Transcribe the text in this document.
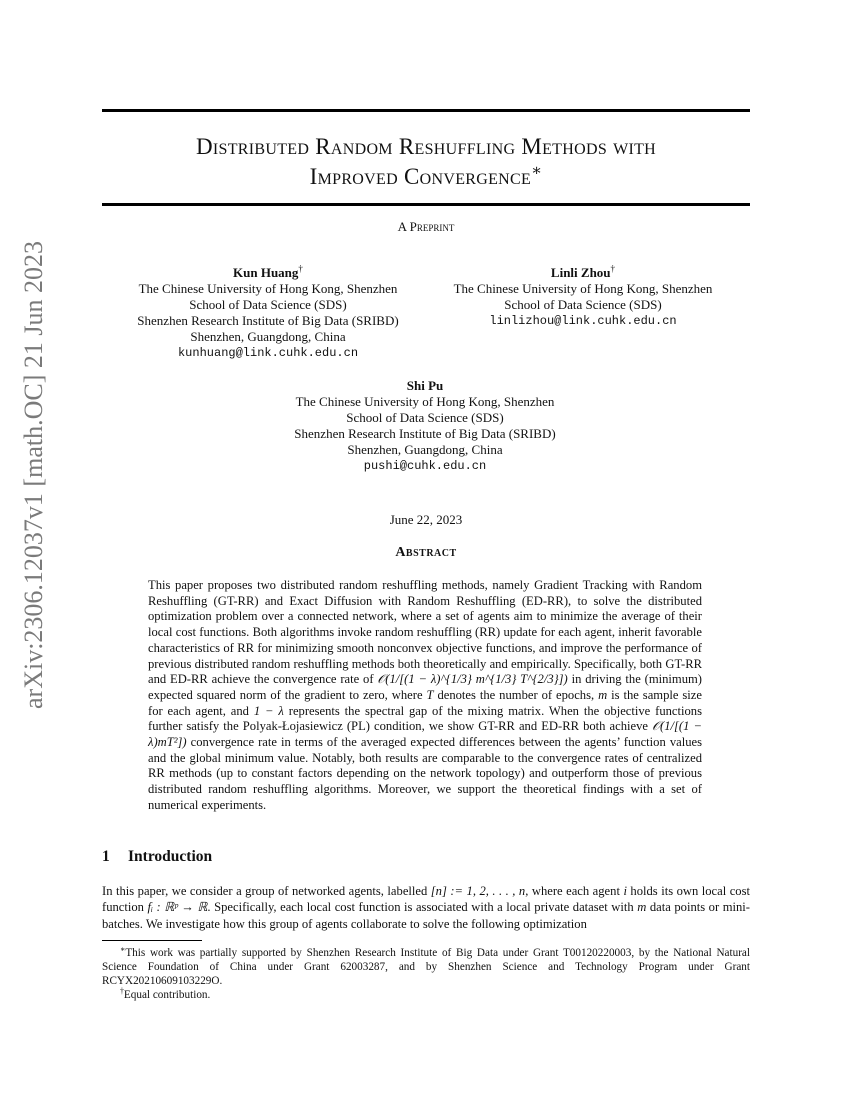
arXiv:2306.12037v1 [math.OC] 21 Jun 2023
Distributed Random Reshuffling Methods with
Improved Convergence∗
A Preprint
Kun Huang†
The Chinese University of Hong Kong, Shenzhen
School of Data Science (SDS)
Shenzhen Research Institute of Big Data (SRIBD)
Shenzhen, Guangdong, China
kunhuang@link.cuhk.edu.cn
Linli Zhou†
The Chinese University of Hong Kong, Shenzhen
School of Data Science (SDS)
linlizhou@link.cuhk.edu.cn
Shi Pu
The Chinese University of Hong Kong, Shenzhen
School of Data Science (SDS)
Shenzhen Research Institute of Big Data (SRIBD)
Shenzhen, Guangdong, China
pushi@cuhk.edu.cn
June 22, 2023
Abstract

This paper proposes two distributed random reshuffling methods, namely Gradient Tracking with Random Reshuffling (GT-RR) and Exact Diffusion with Random Reshuffling (ED-RR), to solve the distributed optimization problem over a connected network, where a set of agents aim to minimize the average of their local cost functions. Both algorithms invoke random reshuffling (RR) update for each agent, inherit favorable characteristics of RR for minimizing smooth nonconvex objective functions, and improve the performance of previous distributed random reshuffling methods both theoretically and empirically. Specifically, both GT-RR and ED-RR achieve the convergence rate of 𝒪(1/[(1 − λ)^{1/3} m^{1/3} T^{2/3}]) in driving the (minimum) expected squared norm of the gradient to zero, where T denotes the number of epochs, m is the sample size for each agent, and 1 − λ represents the spectral gap of the mixing matrix. When the objective functions further satisfy the Polyak-Łojasiewicz (PL) condition, we show GT-RR and ED-RR both achieve 𝒪(1/[(1 − λ)mT²]) convergence rate in terms of the averaged expected differences between the agents’ function values and the global minimum value. Notably, both results are comparable to the convergence rates of centralized RR methods (up to constant factors depending on the network topology) and outperform those of previous distributed random reshuffling algorithms. Moreover, we support the theoretical findings with a set of numerical experiments.

1 Introduction

In this paper, we consider a group of networked agents, labelled [n] := 1, 2, . . . , n, where each agent i holds its own local cost function fᵢ : ℝᵖ → ℝ. Specifically, each local cost function is associated with a local private dataset with m data points or mini-batches. We investigate how this group of agents collaborate to solve the following optimization

∗This work was partially supported by Shenzhen Research Institute of Big Data under Grant T00120220003, by the National Natural Science Foundation of China under Grant 62003287, and by Shenzhen Science and Technology Program under Grant RCYX20210609103229O.

†Equal contribution.
